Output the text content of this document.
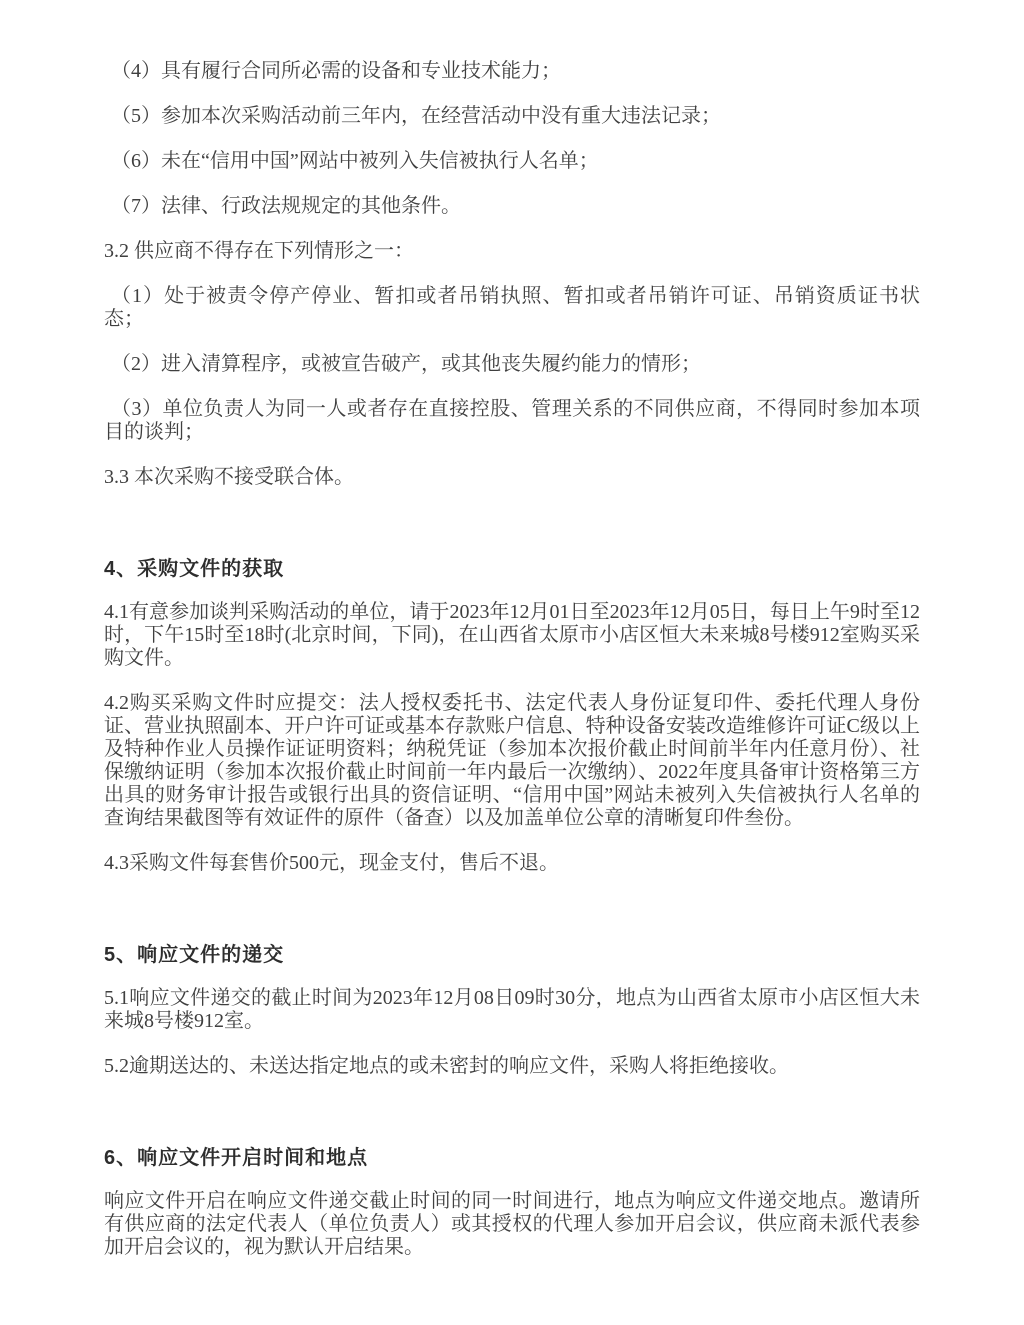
（4）具有履行合同所必需的设备和专业技术能力；

（5）参加本次采购活动前三年内，在经营活动中没有重大违法记录；

（6）未在“信用中国”网站中被列入失信被执行人名单；

（7）法律、行政法规规定的其他条件。

3.2 供应商不得存在下列情形之一：

（1）处于被责令停产停业、暂扣或者吊销执照、暂扣或者吊销许可证、吊销资质证书状态；

（2）进入清算程序，或被宣告破产，或其他丧失履约能力的情形；

（3）单位负责人为同一人或者存在直接控股、管理关系的不同供应商，不得同时参加本项目的谈判；

3.3 本次采购不接受联合体。

4、采购文件的获取

4.1有意参加谈判采购活动的单位，请于2023年12月01日至2023年12月05日，每日上午9时至12时，下午15时至18时(北京时间，下同)，在山西省太原市小店区恒大未来城8号楼912室购买采购文件。

4.2购买采购文件时应提交：法人授权委托书、法定代表人身份证复印件、委托代理人身份证、营业执照副本、开户许可证或基本存款账户信息、特种设备安装改造维修许可证C级以上及特种作业人员操作证证明资料；纳税凭证（参加本次报价截止时间前半年内任意月份）、社保缴纳证明（参加本次报价截止时间前一年内最后一次缴纳）、2022年度具备审计资格第三方出具的财务审计报告或银行出具的资信证明、“信用中国”网站未被列入失信被执行人名单的查询结果截图等有效证件的原件（备查）以及加盖单位公章的清晰复印件叁份。

4.3采购文件每套售价500元，现金支付，售后不退。

5、响应文件的递交

5.1响应文件递交的截止时间为2023年12月08日09时30分，地点为山西省太原市小店区恒大未来城8号楼912室。

5.2逾期送达的、未送达指定地点的或未密封的响应文件，采购人将拒绝接收。

6、响应文件开启时间和地点

响应文件开启在响应文件递交截止时间的同一时间进行，地点为响应文件递交地点。邀请所有供应商的法定代表人（单位负责人）或其授权的代理人参加开启会议，供应商未派代表参加开启会议的，视为默认开启结果。
